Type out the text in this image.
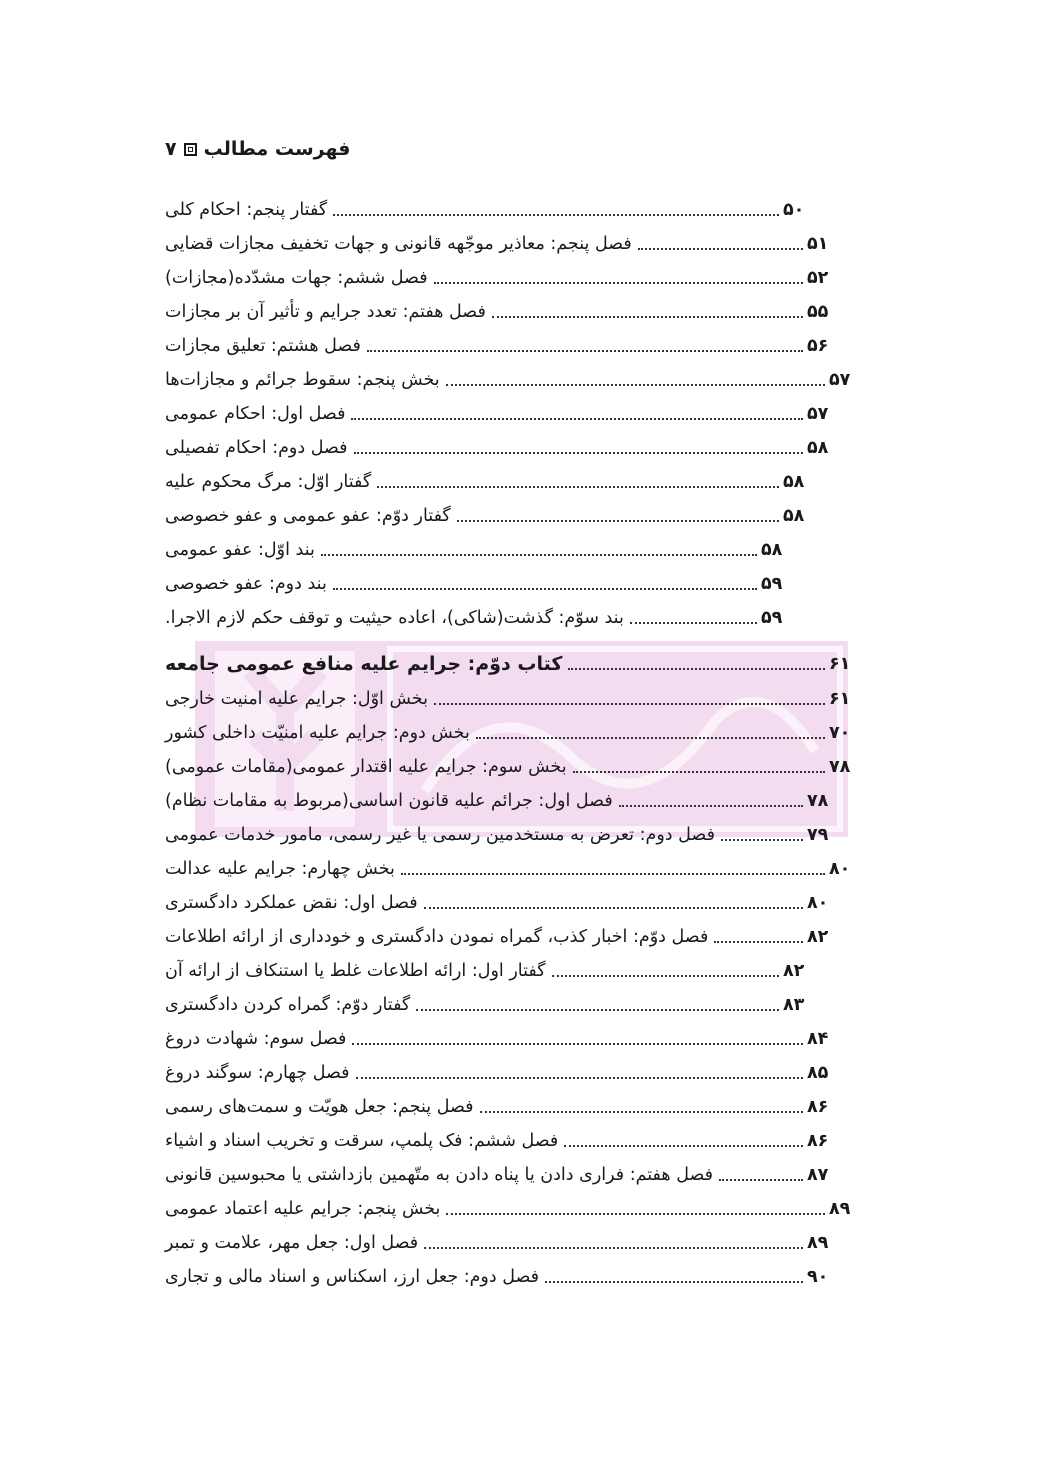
۷ فهرست مطالب
گفتار پنجم: احکام کلی	۵۰
فصل پنجم: معاذیر موجّهه قانونی و جهات تخفیف مجازات قضایی	۵۱
فصل ششم: جهات مشدّده(مجازات)	۵۲
فصل هفتم: تعدد جرایم و تأثیر آن بر مجازات	۵۵
فصل هشتم: تعلیق مجازات	۵۶
بخش پنجم: سقوط جرائم و مجازات‌ها	۵۷
فصل اول: احکام عمومی	۵۷
فصل دوم: احکام تفصیلی	۵۸
گفتار اوّل: مرگ محکوم علیه	۵۸
گفتار دوّم: عفو عمومی و عفو خصوصی	۵۸
بند اوّل: عفو عمومی	۵۸
بند دوم: عفو خصوصی	۵۹
بند سوّم: گذشت(شاکی)، اعاده حیثیت و توقف حکم لازم الاجرا.	۵۹
کتاب دوّم: جرایم علیه منافع عمومی جامعه	۶۱
بخش اوّل: جرایم علیه امنیت خارجی	۶۱
بخش دوم: جرایم علیه امنیّت داخلی کشور	۷۰
بخش سوم: جرایم علیه اقتدار عمومی(مقامات عمومی)	۷۸
فصل اول: جرائم علیه قانون اساسی(مربوط به مقامات نظام)	۷۸
فصل دوم: تعرض به مستخدمین رسمی یا غیر رسمی، مامور خدمات عمومی	۷۹
بخش چهارم: جرایم علیه عدالت	۸۰
فصل اول: نقض عملکرد دادگستری	۸۰
فصل دوّم: اخبار کذب، گمراه نمودن دادگستری و خودداری از ارائه اطلاعات	۸۲
گفتار اول: ارائه اطلاعات غلط یا استنکاف از ارائه آن	۸۲
گفتار دوّم: گمراه کردن دادگستری	۸۳
فصل سوم: شهادت دروغ	۸۴
فصل چهارم: سوگند دروغ	۸۵
فصل پنجم: جعل هویّت و سمت‌های رسمی	۸۶
فصل ششم: فک پلمپ، سرقت و تخریب اسناد و اشیاء	۸۶
فصل هفتم: فراری دادن یا پناه دادن به متّهمین بازداشتی یا محبوسین قانونی	۸۷
بخش پنجم: جرایم علیه اعتماد عمومی	۸۹
فصل اول: جعل مهر، علامت و تمبر	۸۹
فصل دوم: جعل ارز، اسکناس و اسناد مالی و تجاری	۹۰
